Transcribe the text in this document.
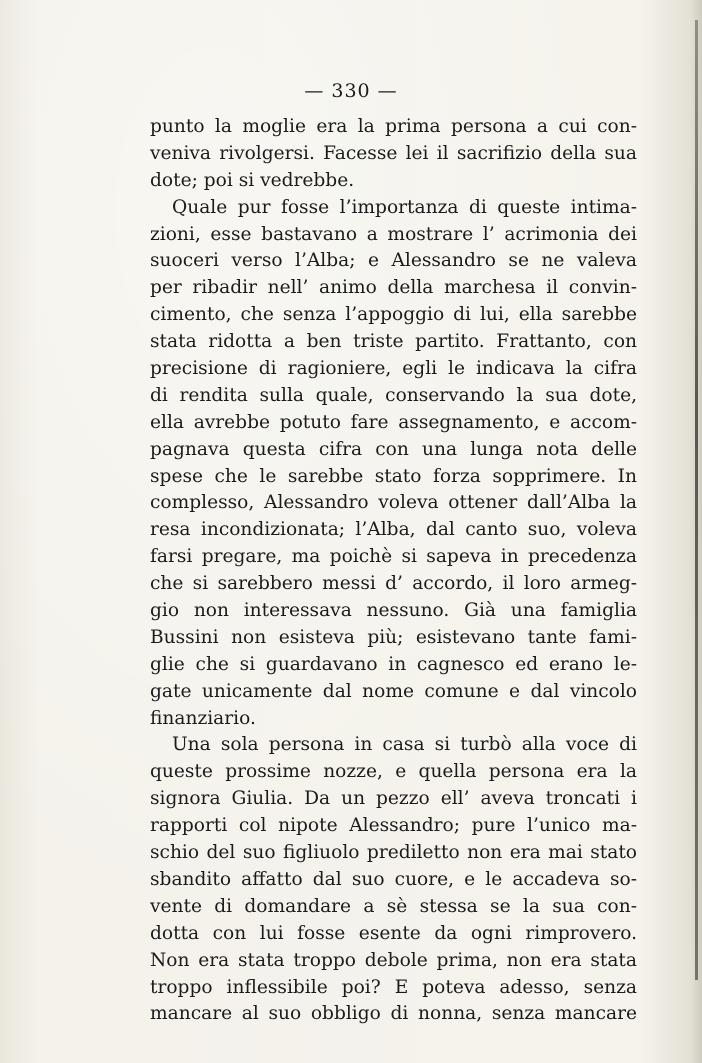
— 330 —
punto la moglie era la prima persona a cui con-
veniva rivolgersi. Facesse lei il sacrifizio della sua
dote; poi si vedrebbe.
Quale pur fosse l’importanza di queste intima-
zioni, esse bastavano a mostrare l’ acrimonia dei
suoceri verso l’Alba; e Alessandro se ne valeva
per ribadir nell’ animo della marchesa il convin-
cimento, che senza l’appoggio di lui, ella sarebbe
stata ridotta a ben triste partito. Frattanto, con
precisione di ragioniere, egli le indicava la cifra
di rendita sulla quale, conservando la sua dote,
ella avrebbe potuto fare assegnamento, e accom-
pagnava questa cifra con una lunga nota delle
spese che le sarebbe stato forza sopprimere. In
complesso, Alessandro voleva ottener dall’Alba la
resa incondizionata; l’Alba, dal canto suo, voleva
farsi pregare, ma poichè si sapeva in precedenza
che si sarebbero messi d’ accordo, il loro armeg-
gio non interessava nessuno. Già una famiglia
Bussini non esisteva più; esistevano tante fami-
glie che si guardavano in cagnesco ed erano le-
gate unicamente dal nome comune e dal vincolo
finanziario.
Una sola persona in casa si turbò alla voce di
queste prossime nozze, e quella persona era la
signora Giulia. Da un pezzo ell’ aveva troncati i
rapporti col nipote Alessandro; pure l’unico ma-
schio del suo figliuolo prediletto non era mai stato
sbandito affatto dal suo cuore, e le accadeva so-
vente di domandare a sè stessa se la sua con-
dotta con lui fosse esente da ogni rimprovero.
Non era stata troppo debole prima, non era stata
troppo inflessibile poi? E poteva adesso, senza
mancare al suo obbligo di nonna, senza mancare
